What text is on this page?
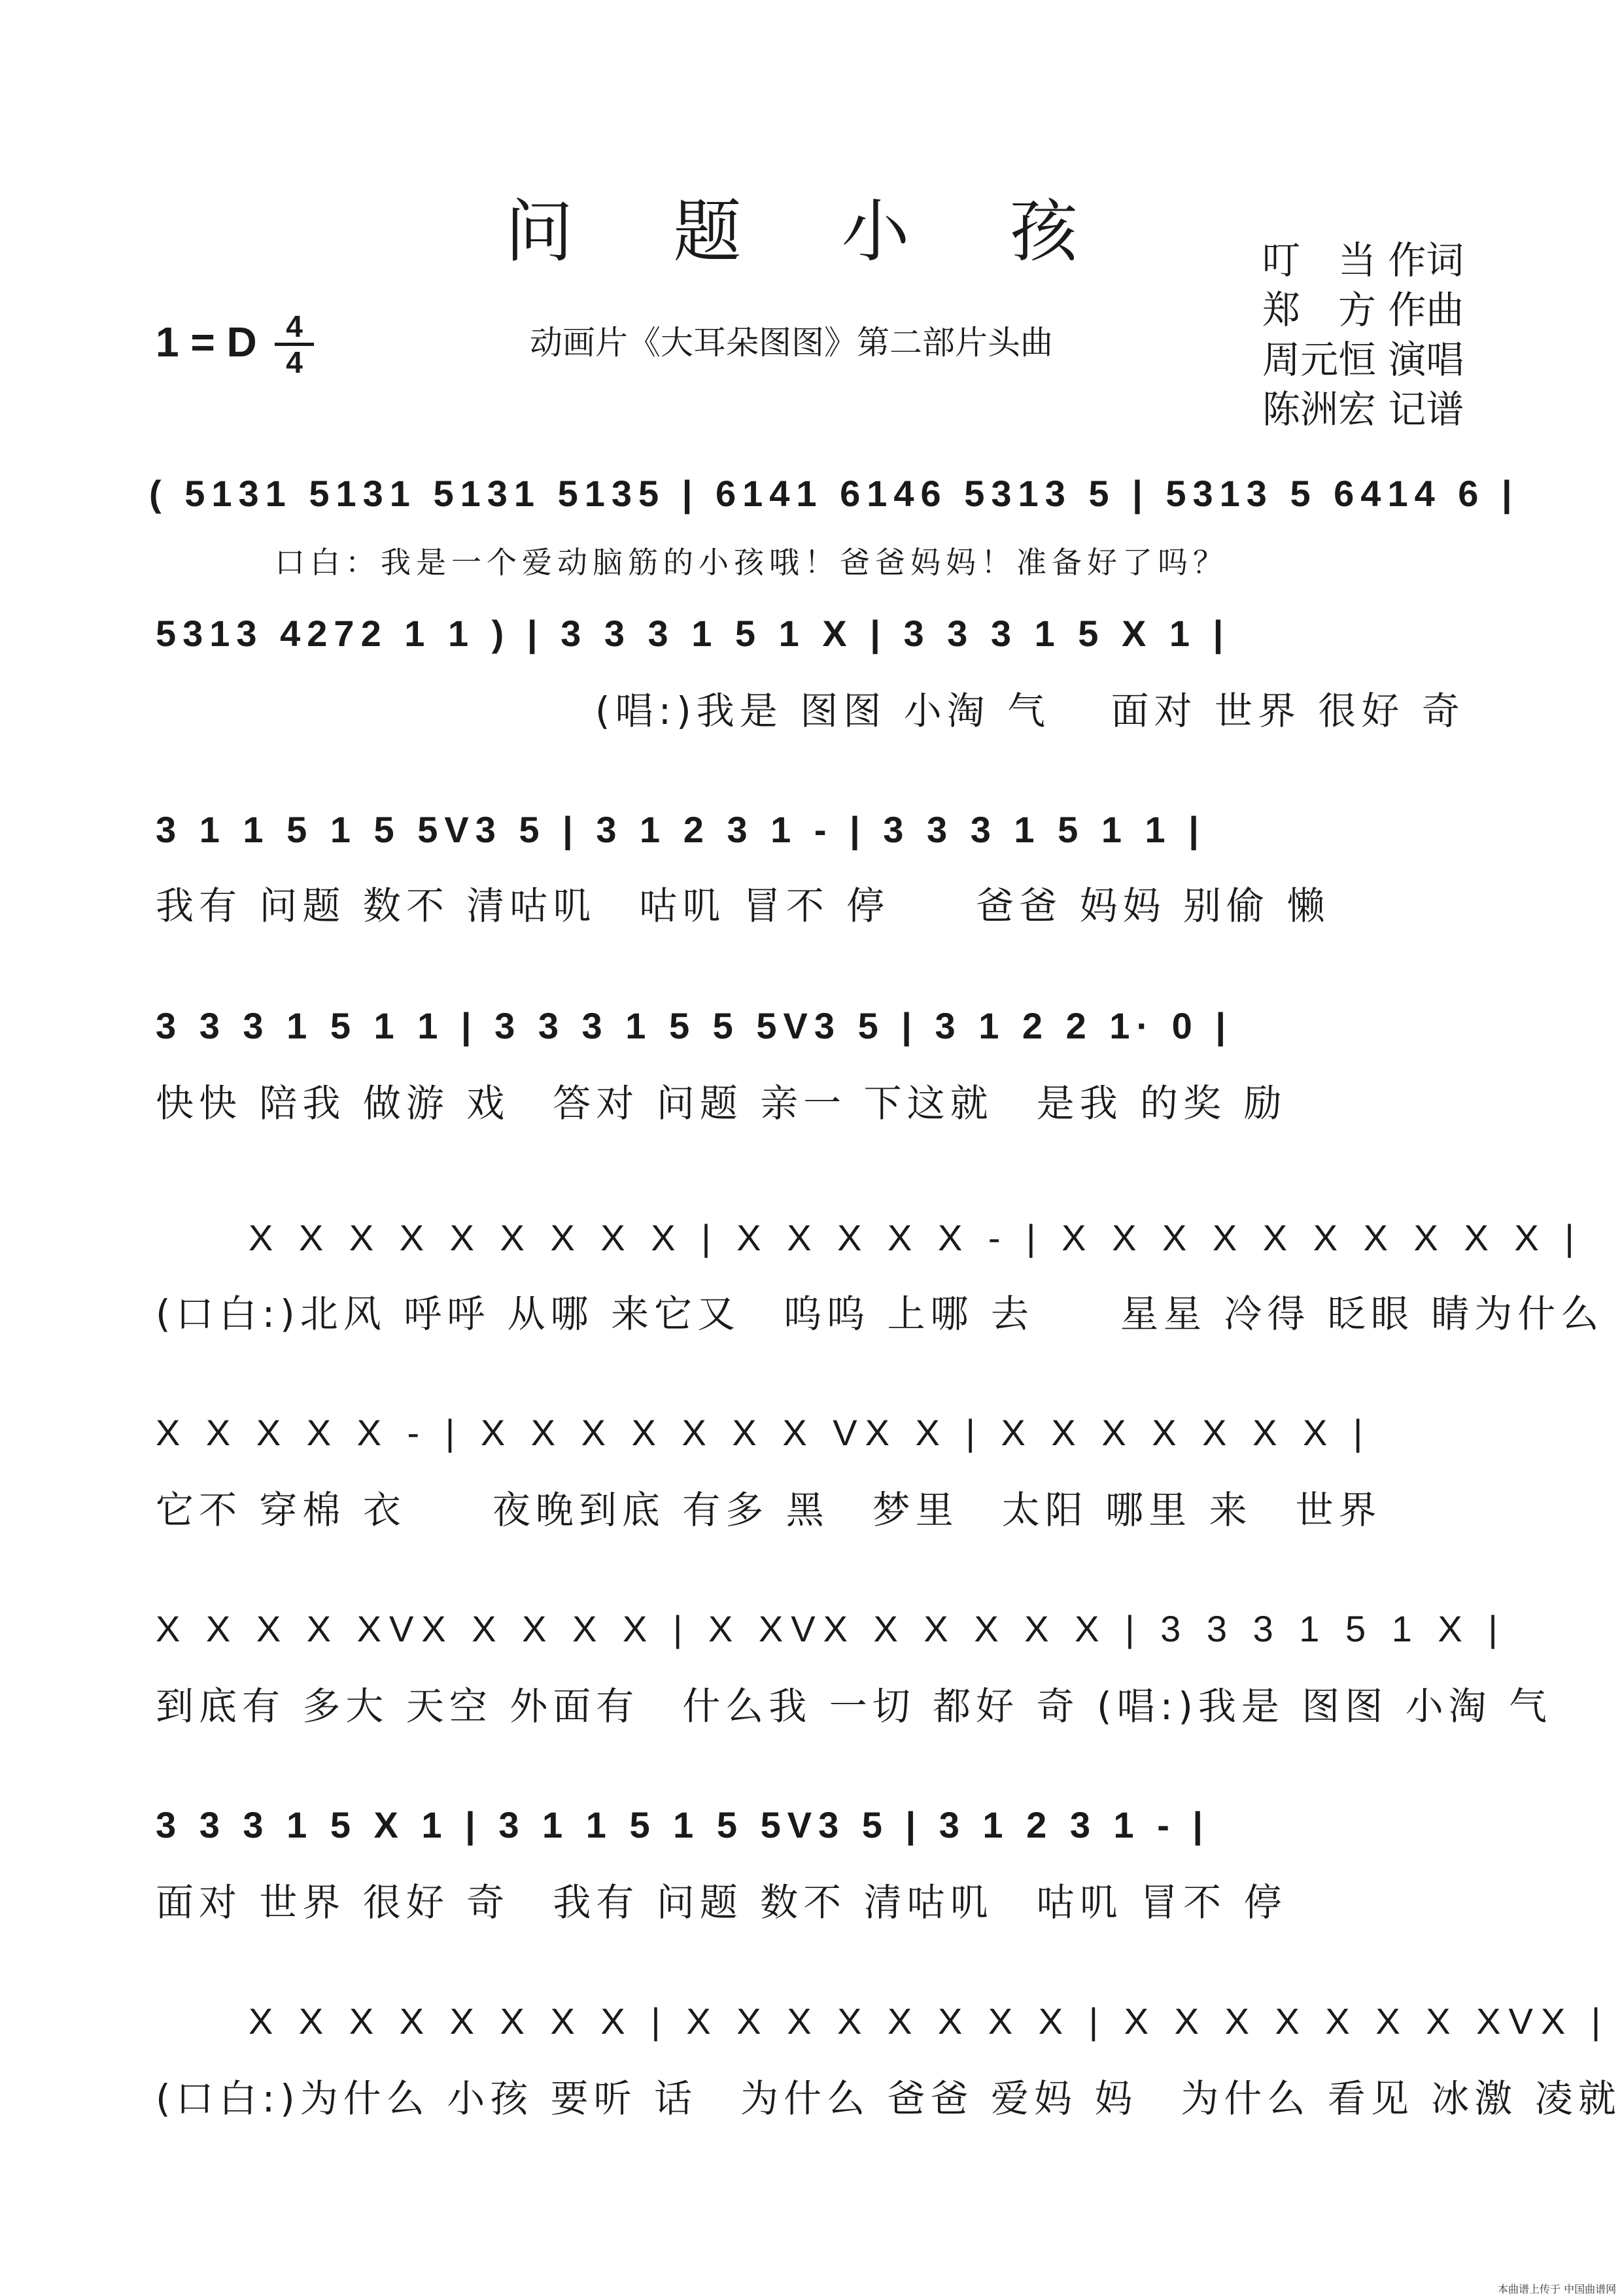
问 题 小 孩
1 = D $\frac{4}{4}$	动画片《大耳朵图图》第二部片头曲
叮　当 作词
郑　方 作曲
周元恒 演唱
陈洲宏 记谱
( 5131 5131 5131 5135 | 6141 6146 5313 5 | 5313 5 6414 6 |
口白：我是一个爱动脑筋的小孩哦！爸爸妈妈！准备好了吗？
5313 4272 1 1 ) | 3 3 3 1 5 1 X | 3 3 3 1 5 X 1 |
(唱:)我是 图图 小淘 气　 面对 世界 很好 奇
3 1 1 5 1 5 5V3 5 | 3 1 2 3 1 - | 3 3 3 1 5 1 1 |
我有 问题 数不 清咕叽　咕叽 冒不 停　　爸爸 妈妈 别偷 懒
3 3 3 1 5 1 1 | 3 3 3 1 5 5 5V3 5 | 3 1 2 2 1· 0 |
快快 陪我 做游 戏　答对 问题 亲一 下这就　是我 的奖 励
X X X X X X X X X | X X X X X - | X X X X X X X X X X |
(口白:)北风 呼呼 从哪 来它又　呜呜 上哪 去　　星星 冷得 眨眼 睛为什么
X X X X X - | X X X X X X X VX X | X X X X X X X |
它不 穿棉 衣　　夜晚到底 有多 黑　梦里　太阳 哪里 来　世界
X X X X XVX X X X X | X XVX X X X X X | 3 3 3 1 5 1 X |
到底有 多大 天空 外面有　什么我 一切 都好 奇 (唱:)我是 图图 小淘 气
3 3 3 1 5 X 1 | 3 1 1 5 1 5 5V3 5 | 3 1 2 3 1 - |
面对 世界 很好 奇　我有 问题 数不 清咕叽　咕叽 冒不 停
X X X X X X X X | X X X X X X X X | X X X X X X X XVX |
(口白:)为什么 小孩 要听 话　为什么 爸爸 爱妈 妈　为什么 看见 冰激 凌就
本曲谱上传于 中国曲谱网
